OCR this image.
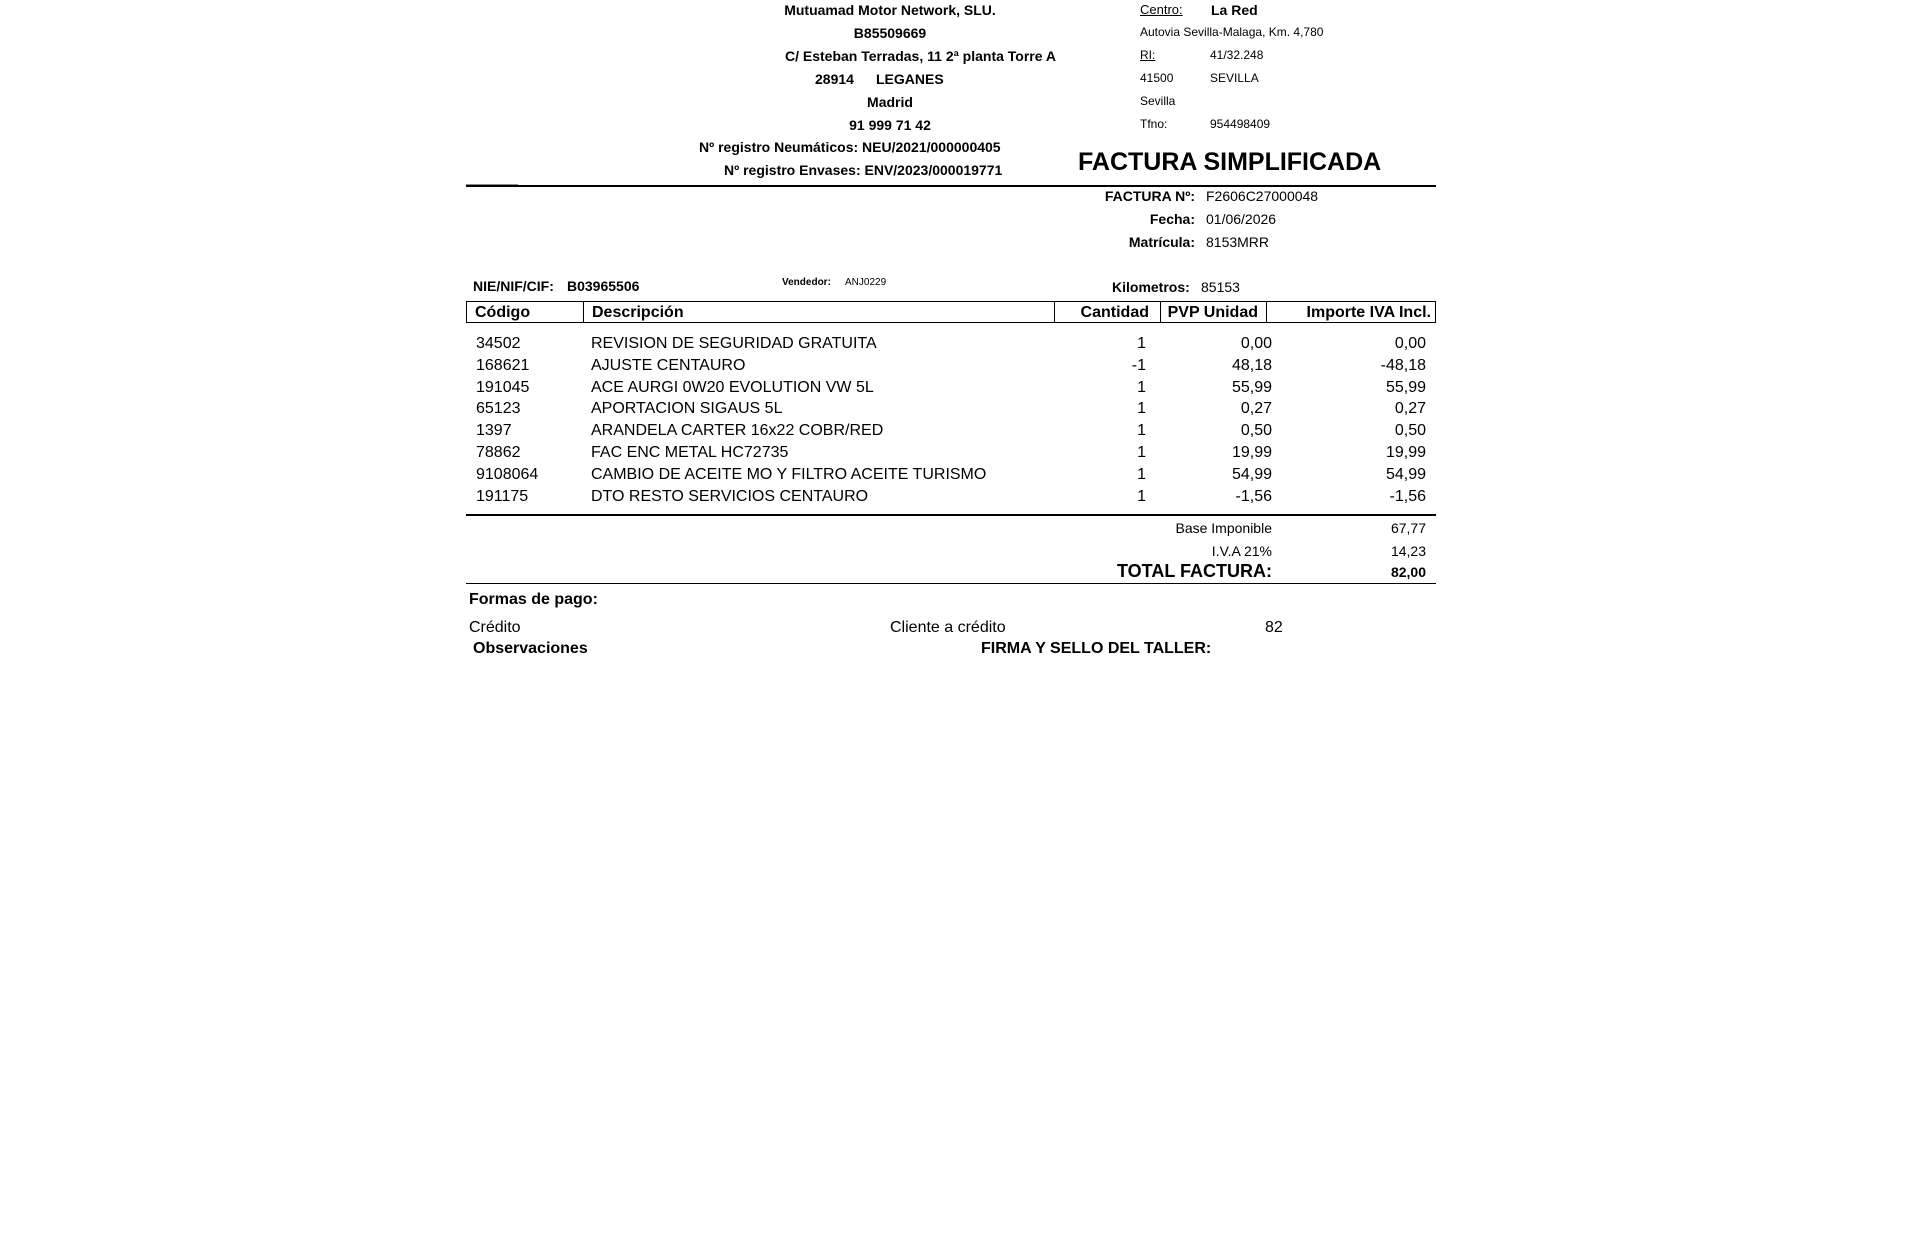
Mutuamad Motor Network, SLU.
B85509669
C/ Esteban Terradas, 11 2ª planta Torre A
28914 LEGANES
Madrid
91 999 71 42
Nº registro Neumáticos: NEU/2021/000000405
Nº registro Envases: ENV/2023/000019771
Centro: La Red
Autovia Sevilla-Malaga, Km. 4,780
RI:	41/32.248
41500	SEVILLA
Sevilla
Tfno:	954498409
FACTURA SIMPLIFICADA
FACTURA Nº: F2606C27000048
Fecha: 01/06/2026
Matrícula: 8153MRR
NIE/NIF/CIF: B03965506	Vendedor: ANJ0229	Kilometros: 85153
Código	Descripción	Cantidad	PVP Unidad	Importe IVA Incl.
34502	REVISION DE SEGURIDAD GRATUITA	1	0,00	0,00
168621	AJUSTE CENTAURO	-1	48,18	-48,18
191045	ACE AURGI 0W20 EVOLUTION VW 5L	1	55,99	55,99
65123	APORTACION SIGAUS 5L	1	0,27	0,27
1397	ARANDELA CARTER 16x22 COBR/RED	1	0,50	0,50
78862	FAC ENC METAL HC72735	1	19,99	19,99
9108064	CAMBIO DE ACEITE MO Y FILTRO ACEITE TURISMO	1	54,99	54,99
191175	DTO RESTO SERVICIOS CENTAURO	1	-1,56	-1,56
Base Imponible	67,77
I.V.A 21%	14,23
TOTAL FACTURA:	82,00
Formas de pago:
Crédito	Cliente a crédito	82
Observaciones	FIRMA Y SELLO DEL TALLER:
